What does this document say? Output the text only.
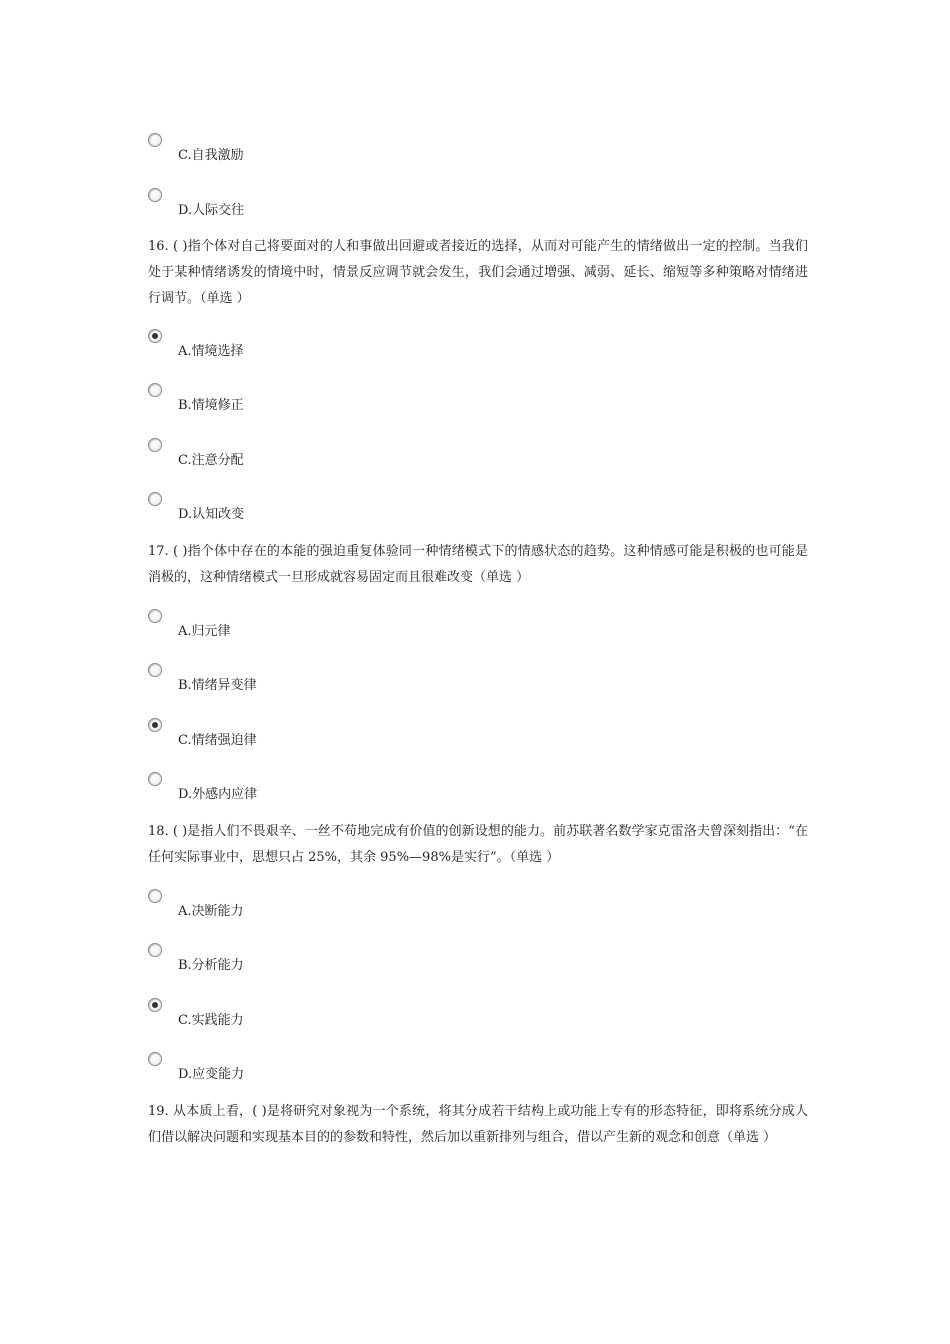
C.自我激励
D.人际交往
16. ( )指个体对自己将要面对的人和事做出回避或者接近的选择，从而对可能产生的情绪做出一定的控制。当我们处于某种情绪诱发的情境中时，情景反应调节就会发生，我们会通过增强、减弱、延长、缩短等多种策略对情绪进行调节。（单选 ）
A.情境选择
B.情境修正
C.注意分配
D.认知改变
17. ( )指个体中存在的本能的强迫重复体验同一种情绪模式下的情感状态的趋势。这种情感可能是积极的也可能是消极的，这种情绪模式一旦形成就容易固定而且很难改变（单选 ）
A.归元律
B.情绪异变律
C.情绪强迫律
D.外感内应律
18. ( )是指人们不畏艰辛、一丝不苟地完成有价值的创新设想的能力。前苏联著名数学家克雷洛夫曾深刻指出：“在任何实际事业中，思想只占 25%，其余 95%—98%是实行”。（单选 ）
A.决断能力
B.分析能力
C.实践能力
D.应变能力
19. 从本质上看，( )是将研究对象视为一个系统，将其分成若干结构上或功能上专有的形态特征，即将系统分成人们借以解决问题和实现基本目的的参数和特性，然后加以重新排列与组合，借以产生新的观念和创意（单选 ）
